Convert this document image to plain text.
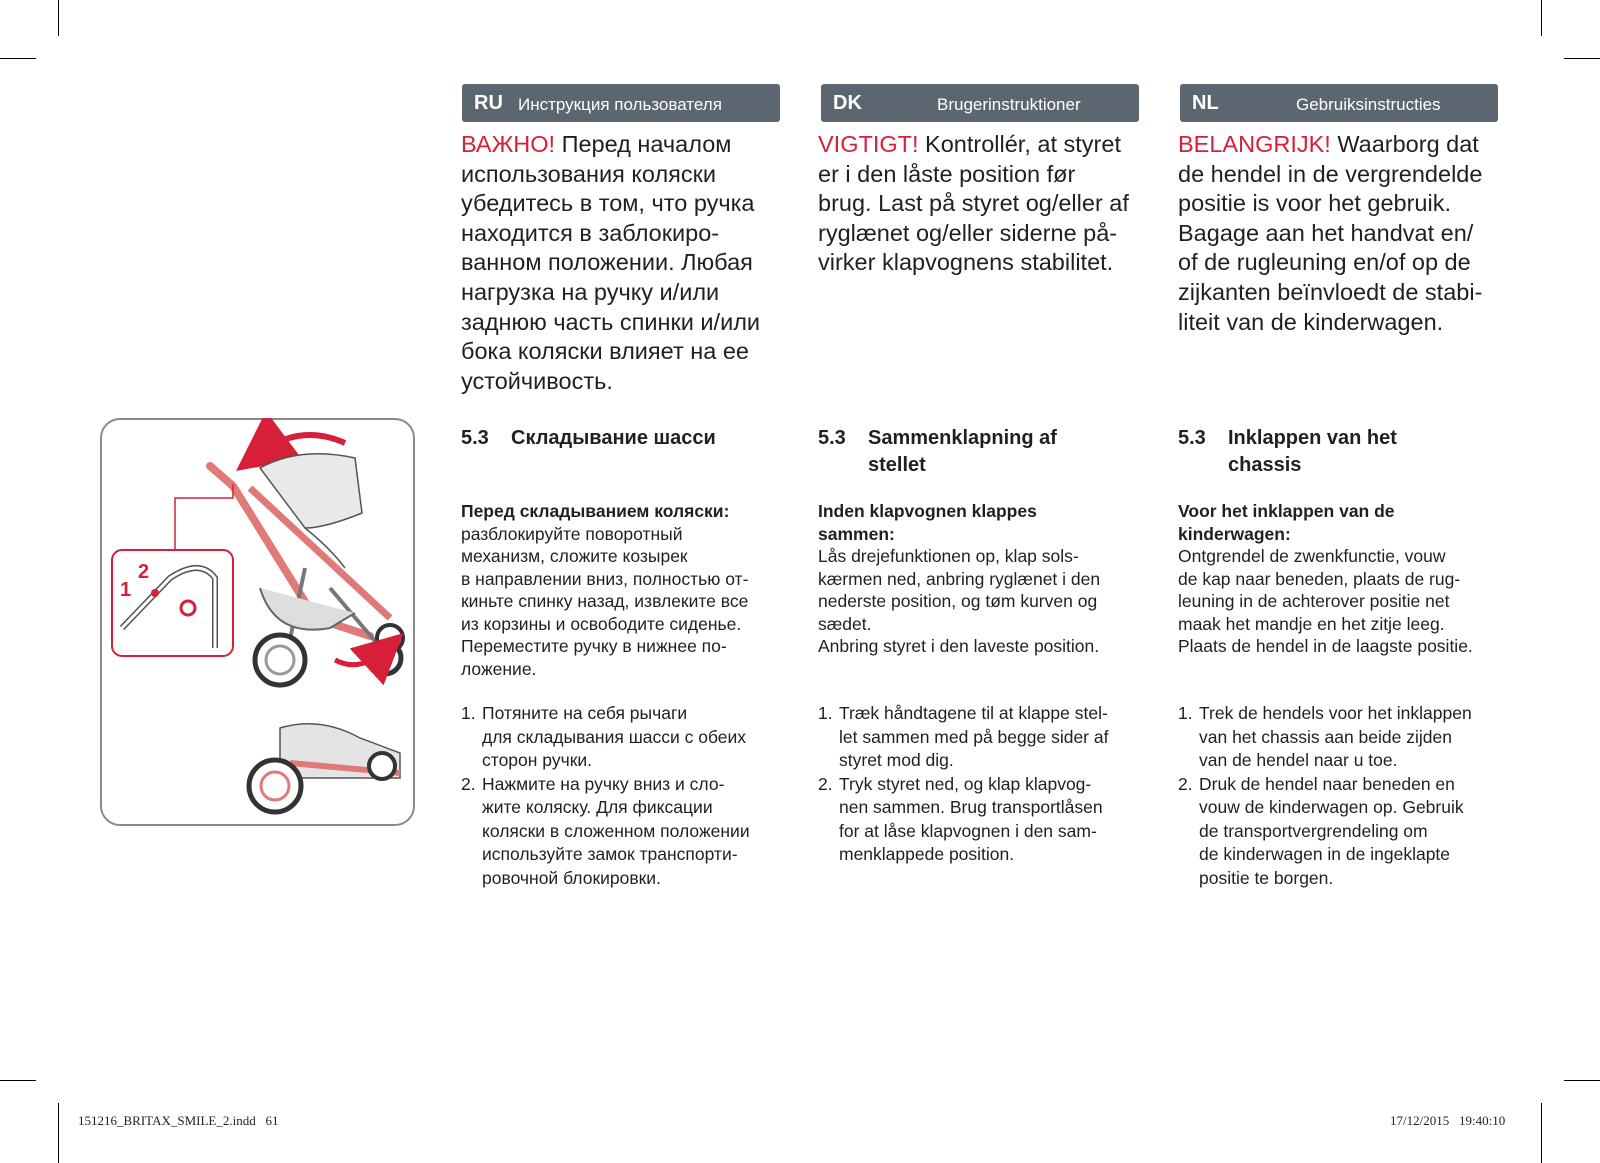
RU Инструкция пользователя	DK	Brugerinstruktioner	NL	Gebruiksinstructies

ВАЖНО! Перед началом
использования коляски
убедитесь в том, что ручка
находится в заблокиро-
ванном положении. Любая
нагрузка на ручку и/или
заднюю часть спинки и/или
бока коляски влияет на ее
устойчивость.

VIGTIGT! Kontrollér, at styret
er i den låste position før
brug. Last på styret og/eller af
ryglænet og/eller siderne på-
virker klapvognens stabilitet.

BELANGRIJK! Waarborg dat
de hendel in de vergrendelde
positie is voor het gebruik.
Bagage aan het handvat en/
of de rugleuning en/of op de
zijkanten beïnvloedt de stabi-
liteit van de kinderwagen.

5.3 Складывание шасси	5.3 Sammenklapning af
stellet
5.3 Inklappen van het
chassis
Перед складыванием коляски:

разблокируйте поворотный
механизм, сложите козырек
в направлении вниз, полностью от-
киньте спинку назад, извлеките все
из корзины и освободите сиденье.
Переместите ручку в нижнее по-
ложение.

Inden klapvognen klappes
sammen:

Lås drejefunktionen op, klap sols-
kærmen ned, anbring ryglænet i den
nederste position, og tøm kurven og
sædet.
Anbring styret i den laveste position.

Voor het inklappen van de
kinderwagen:

Ontgrendel de zwenkfunctie, vouw
de kap naar beneden, plaats de rug-
leuning in de achterover positie net
maak het mandje en het zitje leeg.
Plaats de hendel in de laagste positie.

1. Потяните на себя рычаги
для складывания шасси с обеих
сторон ручки.
2. Нажмите на ручку вниз и сло-
жите коляску. Для фиксации
коляски в сложенном положении
используйте замок транспорти-
ровочной блокировки.
1. Træk håndtagene til at klappe stel-
let sammen med på begge sider af
styret mod dig.
2. Tryk styret ned, og klap klapvog-
nen sammen. Brug transportlåsen
for at låse klapvognen i den sam-
menklappede position.
1. Trek de hendels voor het inklappen
van het chassis aan beide zijden
van de hendel naar u toe.
2. Druk de hendel naar beneden en
vouw de kinderwagen op. Gebruik
de transportvergrendeling om
de kinderwagen in de ingeklapte
positie te borgen.
1
2
151216_BRITAX_SMILE_2.indd   61	17/12/2015   19:40:10
